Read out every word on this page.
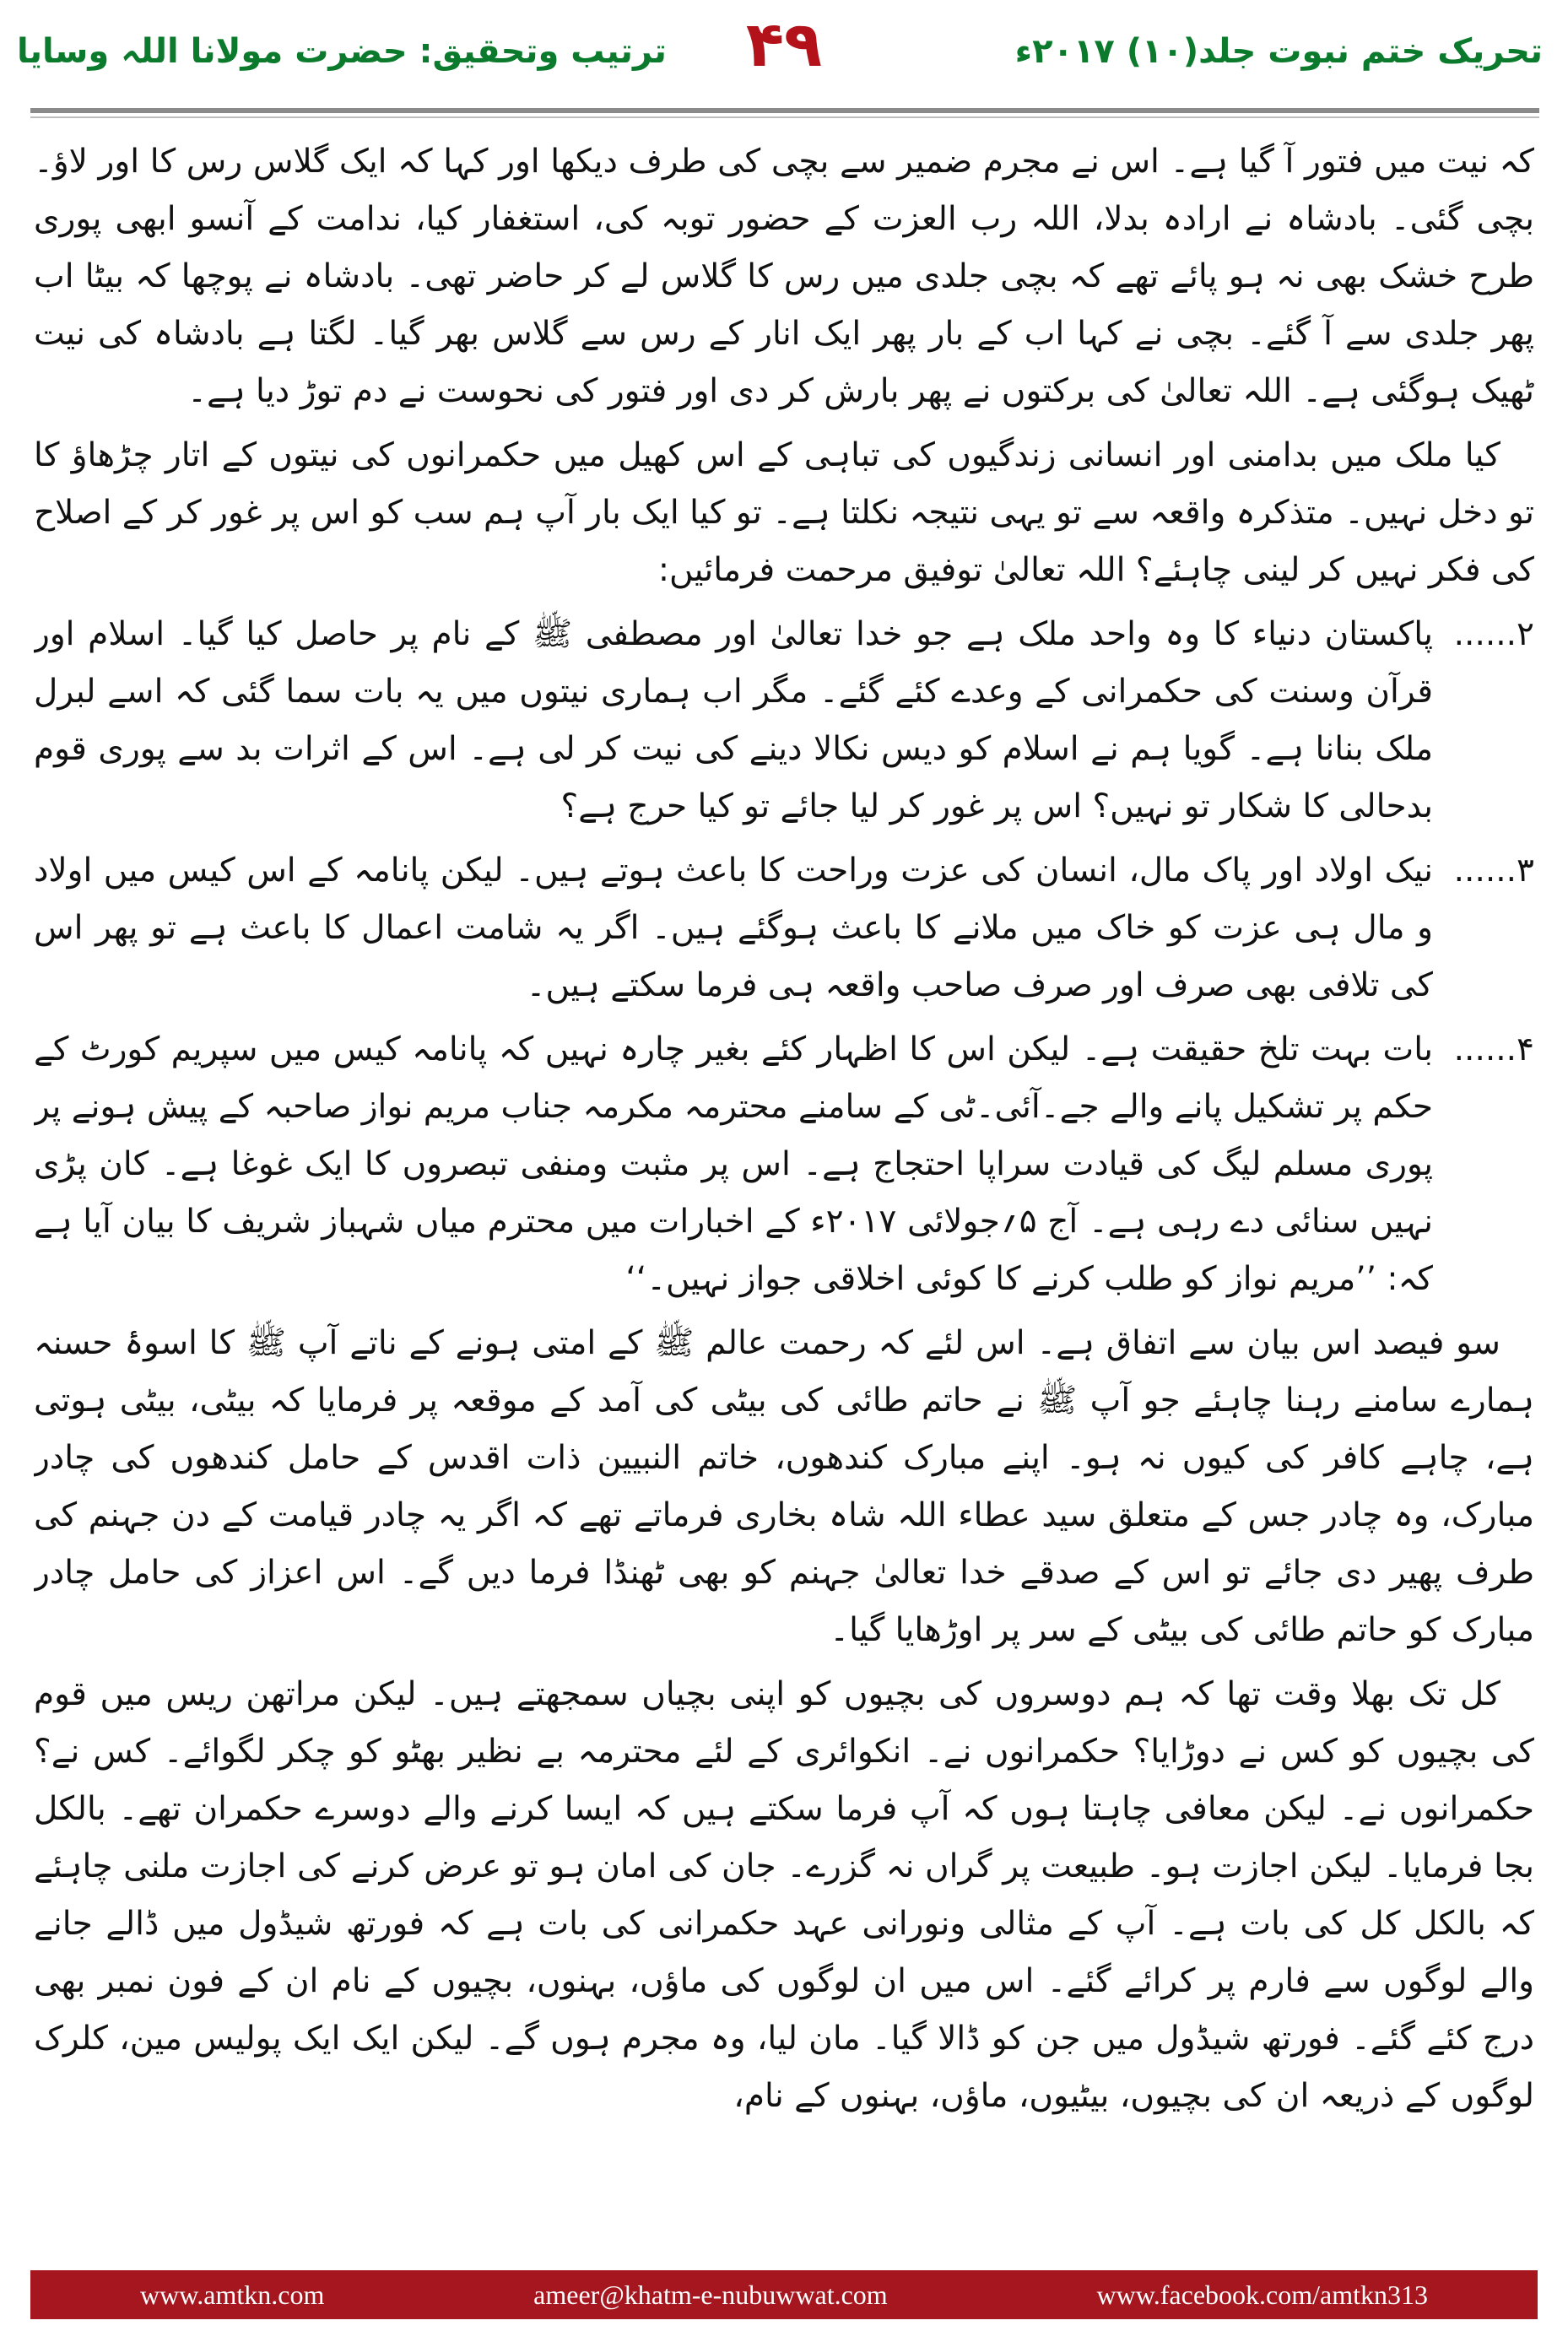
تحریک ختم نبوت جلد(۱۰) ۲۰۱۷ء
۴۹
ترتیب وتحقیق: حضرت مولانا اللہ وسایا

کہ نیت میں فتور آ گیا ہے۔ اس نے مجرم ضمیر سے بچی کی طرف دیکھا اور کہا کہ ایک گلاس رس کا اور لاؤ۔ بچی گئی۔ بادشاہ نے ارادہ بدلا، اللہ رب العزت کے حضور توبہ کی، استغفار کیا، ندامت کے آنسو ابھی پوری طرح خشک بھی نہ ہو پائے تھے کہ بچی جلدی میں رس کا گلاس لے کر حاضر تھی۔ بادشاہ نے پوچھا کہ بیٹا اب پھر جلدی سے آ گئے۔ بچی نے کہا اب کے بار پھر ایک انار کے رس سے گلاس بھر گیا۔ لگتا ہے بادشاہ کی نیت ٹھیک ہوگئی ہے۔ اللہ تعالیٰ کی برکتوں نے پھر بارش کر دی اور فتور کی نحوست نے دم توڑ دیا ہے۔

کیا ملک میں بدامنی اور انسانی زندگیوں کی تباہی کے اس کھیل میں حکمرانوں کی نیتوں کے اتار چڑھاؤ کا تو دخل نہیں۔ متذکرہ واقعہ سے تو یہی نتیجہ نکلتا ہے۔ تو کیا ایک بار آپ ہم سب کو اس پر غور کر کے اصلاح کی فکر نہیں کر لینی چاہئے؟ اللہ تعالیٰ توفیق مرحمت فرمائیں:

۲......
پاکستان دنیاء کا وہ واحد ملک ہے جو خدا تعالیٰ اور مصطفی ﷺ کے نام پر حاصل کیا گیا۔ اسلام اور قرآن وسنت کی حکمرانی کے وعدے کئے گئے۔ مگر اب ہماری نیتوں میں یہ بات سما گئی کہ اسے لبرل ملک بنانا ہے۔ گویا ہم نے اسلام کو دیس نکالا دینے کی نیت کر لی ہے۔ اس کے اثرات بد سے پوری قوم بدحالی کا شکار تو نہیں؟ اس پر غور کر لیا جائے تو کیا حرج ہے؟
۳......
نیک اولاد اور پاک مال، انسان کی عزت وراحت کا باعث ہوتے ہیں۔ لیکن پانامہ کے اس کیس میں اولاد و مال ہی عزت کو خاک میں ملانے کا باعث ہوگئے ہیں۔ اگر یہ شامت اعمال کا باعث ہے تو پھر اس کی تلافی بھی صرف اور صرف صاحب واقعہ ہی فرما سکتے ہیں۔
۴......
بات بہت تلخ حقیقت ہے۔ لیکن اس کا اظہار کئے بغیر چارہ نہیں کہ پانامہ کیس میں سپریم کورٹ کے حکم پر تشکیل پانے والے جے۔آئی۔ٹی کے سامنے محترمہ مکرمہ جناب مریم نواز صاحبہ کے پیش ہونے پر پوری مسلم لیگ کی قیادت سراپا احتجاج ہے۔ اس پر مثبت ومنفی تبصروں کا ایک غوغا ہے۔ کان پڑی نہیں سنائی دے رہی ہے۔ آج ۵؍جولائی ۲۰۱۷ء کے اخبارات میں محترم میاں شہباز شریف کا بیان آیا ہے کہ: ’’مریم نواز کو طلب کرنے کا کوئی اخلاقی جواز نہیں۔‘‘

سو فیصد اس بیان سے اتفاق ہے۔ اس لئے کہ رحمت عالم ﷺ کے امتی ہونے کے ناتے آپ ﷺ کا اسوۂ حسنہ ہمارے سامنے رہنا چاہئے جو آپ ﷺ نے حاتم طائی کی بیٹی کی آمد کے موقعہ پر فرمایا کہ بیٹی، بیٹی ہوتی ہے، چاہے کافر کی کیوں نہ ہو۔ اپنے مبارک کندھوں، خاتم النبیین ذات اقدس کے حامل کندھوں کی چادر مبارک، وہ چادر جس کے متعلق سید عطاء اللہ شاہ بخاری فرماتے تھے کہ اگر یہ چادر قیامت کے دن جہنم کی طرف پھیر دی جائے تو اس کے صدقے خدا تعالیٰ جہنم کو بھی ٹھنڈا فرما دیں گے۔ اس اعزاز کی حامل چادر مبارک کو حاتم طائی کی بیٹی کے سر پر اوڑھایا گیا۔

کل تک بھلا وقت تھا کہ ہم دوسروں کی بچیوں کو اپنی بچیاں سمجھتے ہیں۔ لیکن مراتھن ریس میں قوم کی بچیوں کو کس نے دوڑایا؟ حکمرانوں نے۔ انکوائری کے لئے محترمہ بے نظیر بھٹو کو چکر لگوائے۔ کس نے؟ حکمرانوں نے۔ لیکن معافی چاہتا ہوں کہ آپ فرما سکتے ہیں کہ ایسا کرنے والے دوسرے حکمران تھے۔ بالکل بجا فرمایا۔ لیکن اجازت ہو۔ طبیعت پر گراں نہ گزرے۔ جان کی امان ہو تو عرض کرنے کی اجازت ملنی چاہئے کہ بالکل کل کی بات ہے۔ آپ کے مثالی ونورانی عہد حکمرانی کی بات ہے کہ فورتھ شیڈول میں ڈالے جانے والے لوگوں سے فارم پر کرائے گئے۔ اس میں ان لوگوں کی ماؤں، بہنوں، بچیوں کے نام ان کے فون نمبر بھی درج کئے گئے۔ فورتھ شیڈول میں جن کو ڈالا گیا۔ مان لیا، وہ مجرم ہوں گے۔ لیکن ایک ایک پولیس مین، کلرک لوگوں کے ذریعہ ان کی بچیوں، بیٹیوں، ماؤں، بہنوں کے نام،

www.amtkn.com	ameer@khatm-e-nubuwwat.com	www.facebook.com/amtkn313
